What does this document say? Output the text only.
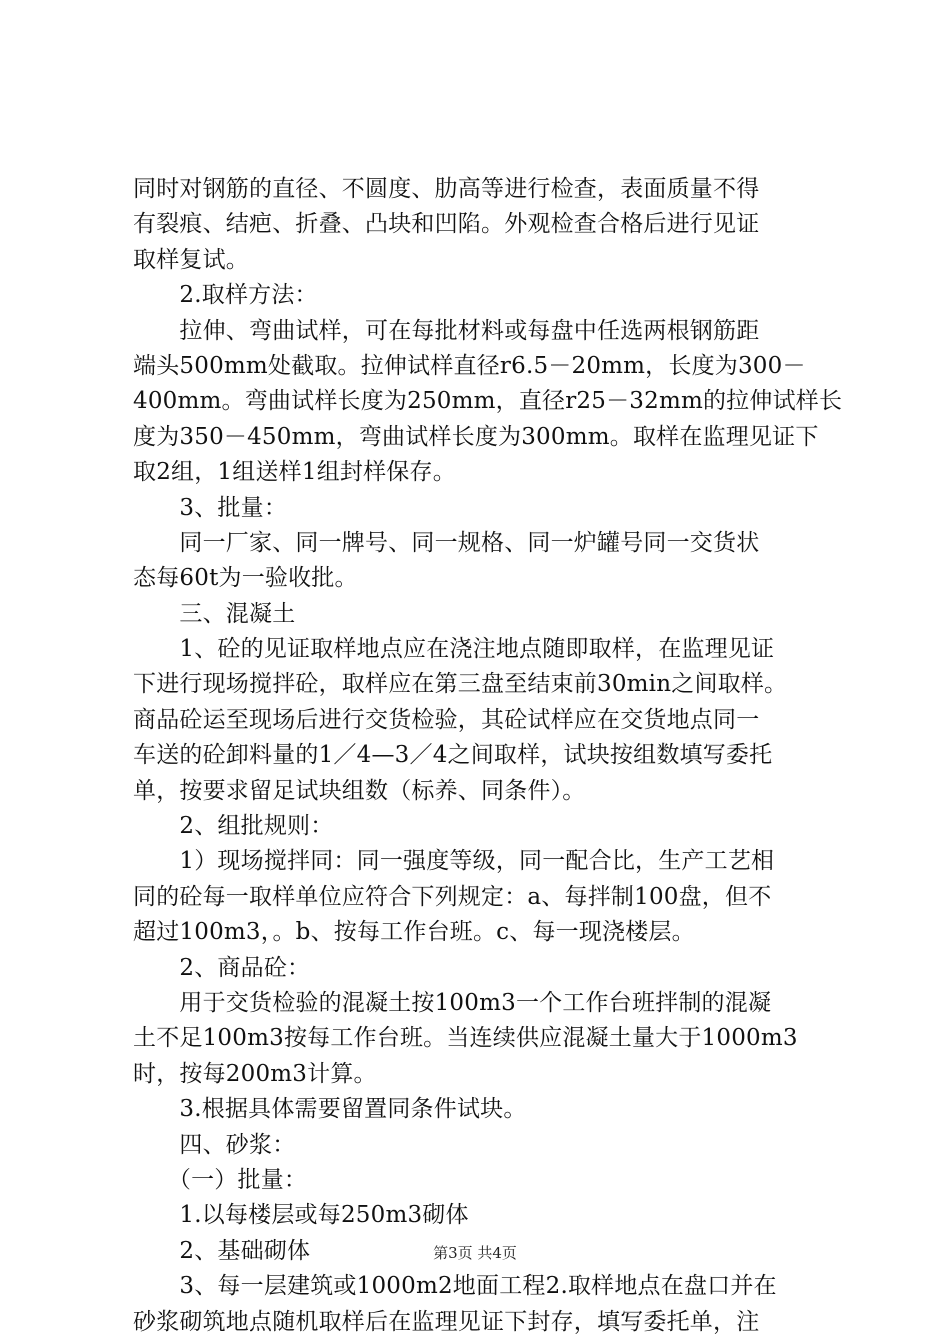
同时对钢筋的直径、不圆度、肋高等进行检查，表面质量不得
有裂痕、结疤、折叠、凸块和凹陷。外观检查合格后进行见证
取样复试。
　　2.取样方法：
　　拉伸、弯曲试样，可在每批材料或每盘中任选两根钢筋距
端头500mm处截取。拉伸试样直径r6.5－20mm，长度为300－
400mm。弯曲试样长度为250mm，直径r25－32mm的拉伸试样长
度为350－450mm，弯曲试样长度为300mm。取样在监理见证下
取2组，1组送样1组封样保存。
　　3、批量：
　　同一厂家、同一牌号、同一规格、同一炉罐号同一交货状
态每60t为一验收批。
　　三、混凝土
　　1、砼的见证取样地点应在浇注地点随即取样，在监理见证
下进行现场搅拌砼，取样应在第三盘至结束前30min之间取样。
商品砼运至现场后进行交货检验，其砼试样应在交货地点同一
车送的砼卸料量的1／4—3／4之间取样，试块按组数填写委托
单，按要求留足试块组数（标养、同条件）。
　　2、组批规则：
　　1）现场搅拌同：同一强度等级，同一配合比，生产工艺相
同的砼每一取样单位应符合下列规定：a、每拌制100盘，但不
超过100m3，。b、按每工作台班。c、每一现浇楼层。
　　2、商品砼：
　　用于交货检验的混凝土按100m3一个工作台班拌制的混凝
土不足100m3按每工作台班。当连续供应混凝土量大于1000m3
时，按每200m3计算。
　　3.根据具体需要留置同条件试块。
　　四、砂浆：
　　（一）批量：
　　1.以每楼层或每250m3砌体
　　2、基础砌体
　　3、每一层建筑或1000m2地面工程2.取样地点在盘口并在
砂浆砌筑地点随机取样后在监理见证下封存，填写委托单，注
第3页 共4页
